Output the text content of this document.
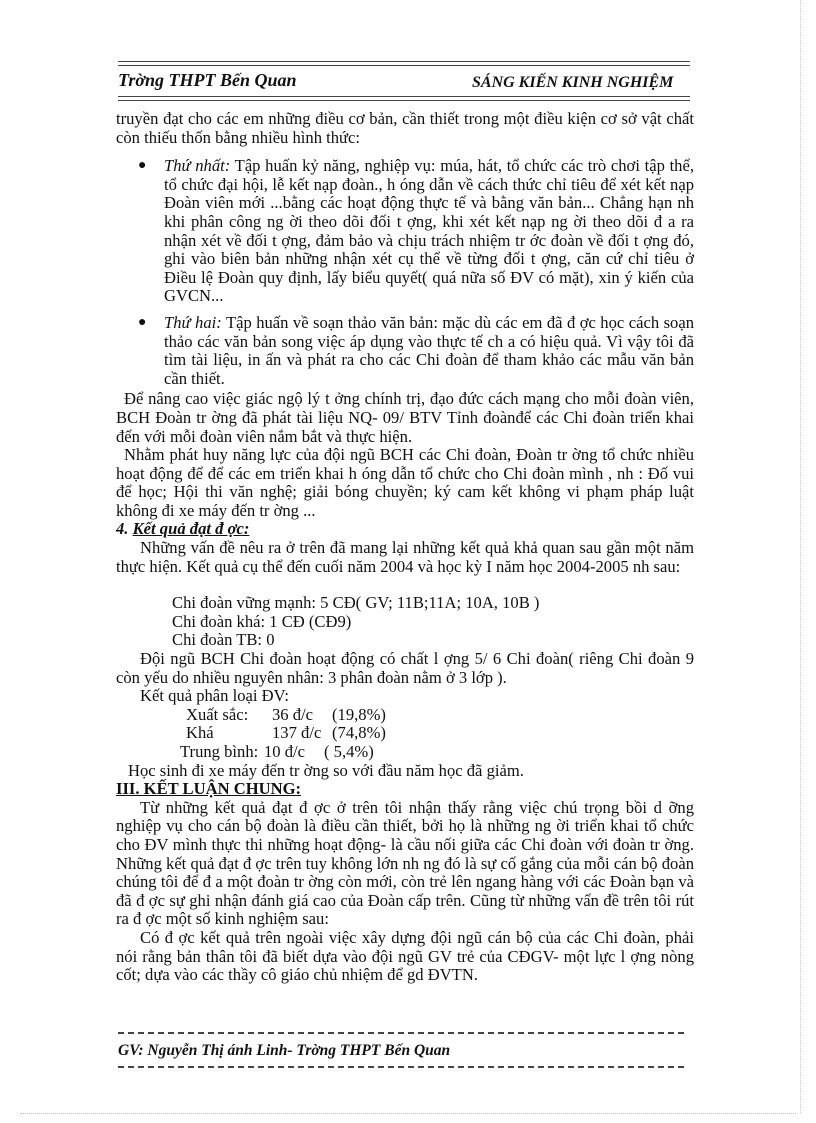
Trờng THPT Bến Quan	SÁNG KIẾN KINH NGHIỆM

truyền đạt cho các em những điều cơ bản, cần thiết trong một điều kiện cơ sở vật chất còn thiếu thốn bằng nhiều hình thức:

● Thứ nhất: Tập huấn kỷ năng, nghiệp vụ: múa, hát, tổ chức các trò chơi tập thể, tổ chức đại hội, lễ kết nạp đoàn., h óng dẫn về cách thức chỉ tiêu để xét kết nạp Đoàn viên mới ...bằng các hoạt động thực tế và bằng văn bản... Chẳng hạn nh khi phân công ng ời theo dõi đối t ợng, khi xét kết nạp ng ời theo dõi đ a ra nhận xét về đối t ợng, đảm bảo và chịu trách nhiệm tr ớc đoàn về đối t ợng đó, ghi vào biên bản những nhận xét cụ thể về từng đối t ợng, căn cứ chỉ tiêu ở Điều lệ Đoàn quy định, lấy biểu quyết( quá nữa số ĐV có mặt), xin ý kiến của GVCN...
● Thứ hai: Tập huấn về soạn thảo văn bản: mặc dù các em đã đ ợc học cách soạn thảo các văn bản song việc áp dụng vào thực tế ch a có hiệu quả. Vì vậy tôi đã tìm tài liệu, in ấn và phát ra cho các Chi đoàn để tham khảo các mẫu văn bản cần thiết.

Để nâng cao việc giác ngộ lý t ởng chính trị, đạo đức cách mạng cho mỗi đoàn viên, BCH Đoàn tr ờng đã phát tài liệu NQ- 09/ BTV Tỉnh đoànđể các Chi đoàn triển khai đến với mỗi đoàn viên nắm bắt và thực hiện.

Nhằm phát huy năng lực của đội ngũ BCH các Chi đoàn, Đoàn tr ờng tổ chức nhiều hoạt động để để các em triển khai h óng dẫn tổ chức cho Chi đoàn mình , nh : Đố vui để học; Hội thi văn nghệ; giải bóng chuyền; ký cam kết không vi phạm pháp luật không đi xe máy đến tr ờng ...

4. Kết quả đạt đ ợc:

Những vấn đề nêu ra ở trên đã mang lại những kết quả khả quan sau gần một năm thực hiện. Kết quả cụ thể đến cuối năm 2004 và học kỳ I năm học 2004-2005 nh sau:

Chi đoàn vững mạnh: 5 CĐ( GV; 11B;11A; 10A, 10B )

Chi đoàn khá: 1 CĐ (CĐ9)

Chi đoàn TB: 0

Đội ngũ BCH Chi đoàn hoạt động có chất l ợng 5/ 6 Chi đoàn( riêng Chi đoàn 9 còn yếu do nhiều nguyên nhân: 3 phân đoàn nằm ở 3 lớp ).

Kết quả phân loại ĐV:

Xuất sắc: 36 đ/c (19,8%)

Khá	137 đ/c (74,8%)

Trung bình: 10 đ/c ( 5,4%)

Học sinh đi xe máy đến tr ờng so với đầu năm học đã giảm.

III. KẾT LUẬN CHUNG:

Từ những kết quả đạt đ ợc ở trên tôi nhận thấy rằng việc chú trọng bồi d ỡng nghiệp vụ cho cán bộ đoàn là điều cần thiết, bởi họ là những ng ời triển khai tổ chức cho ĐV mình thực thi những hoạt động- là cầu nối giữa các Chi đoàn với đoàn tr ờng. Những kết quả đạt đ ợc trên tuy không lớn nh ng đó là sự cố gắng của mỗi cán bộ đoàn chúng tôi để đ a một đoàn tr ờng còn mới, còn trẻ lên ngang hàng với các Đoàn bạn và đã đ ợc sự ghi nhận đánh giá cao của Đoàn cấp trên. Cũng từ những vấn đề trên tôi rút ra đ ợc một số kinh nghiệm sau:

Có đ ợc kết quả trên ngoài việc xây dựng đội ngũ cán bộ của các Chi đoàn, phải nói rằng bản thân tôi đã biết dựa vào đội ngũ GV trẻ của CĐGV- một lực l ợng nòng cốt; dựa vào các thầy cô giáo chủ nhiệm để gd ĐVTN.

GV: Nguyễn Thị ánh Linh- Trờng THPT Bến Quan
